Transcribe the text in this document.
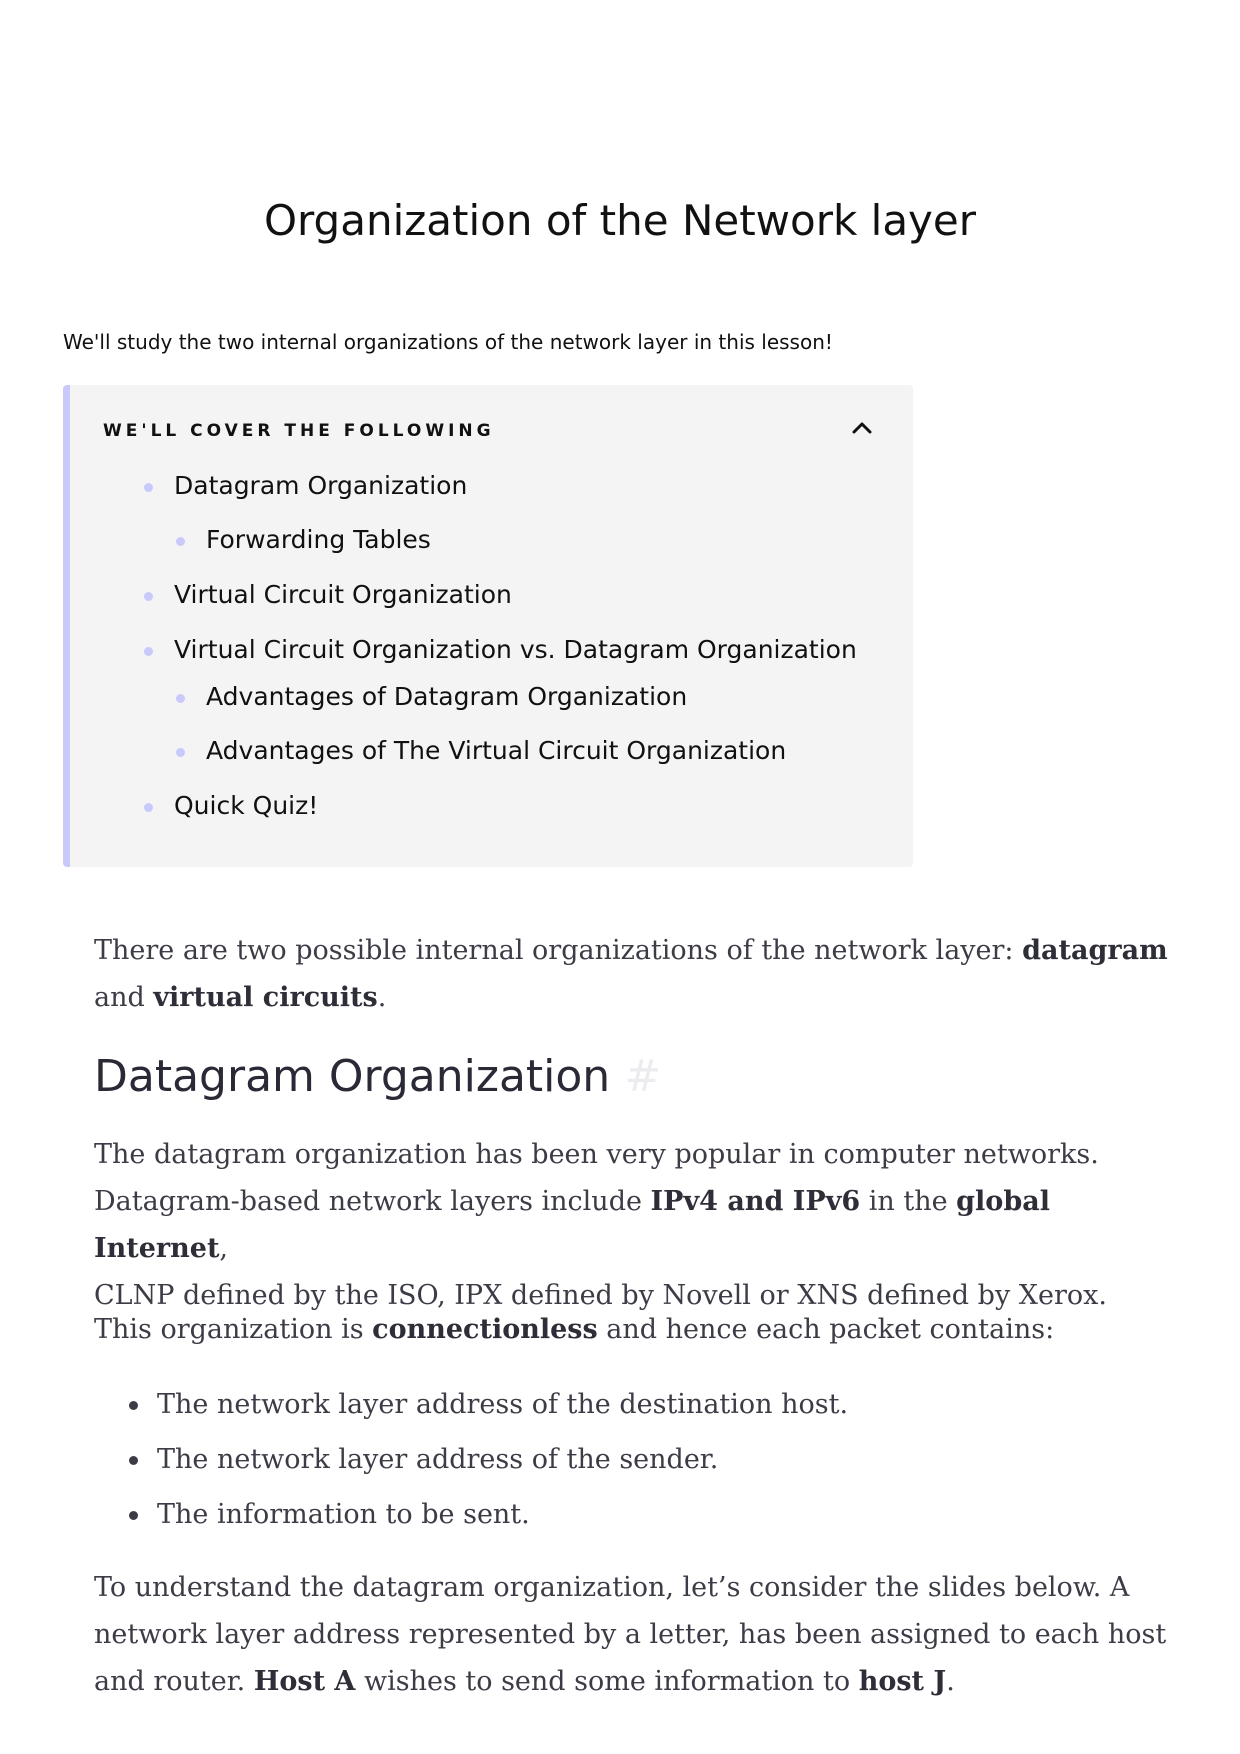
Organization of the Network layer

We'll study the two internal organizations of the network layer in this lesson!

WE'LL COVER THE FOLLOWING
Datagram Organization
Forwarding Tables
Virtual Circuit Organization
Virtual Circuit Organization vs. Datagram Organization
Advantages of Datagram Organization
Advantages of The Virtual Circuit Organization
Quick Quiz!

There are two possible internal organizations of the network layer: datagram
and virtual circuits.

Datagram Organization #

The datagram organization has been very popular in computer networks.
Datagram-based network layers include IPv4 and IPv6 in the global Internet,
CLNP defined by the ISO, IPX defined by Novell or XNS defined by Xerox.

This organization is connectionless and hence each packet contains:

The network layer address of the destination host.
The network layer address of the sender.
The information to be sent.

To understand the datagram organization, let’s consider the slides below. A
network layer address represented by a letter, has been assigned to each host
and router. Host A wishes to send some information to host J.
